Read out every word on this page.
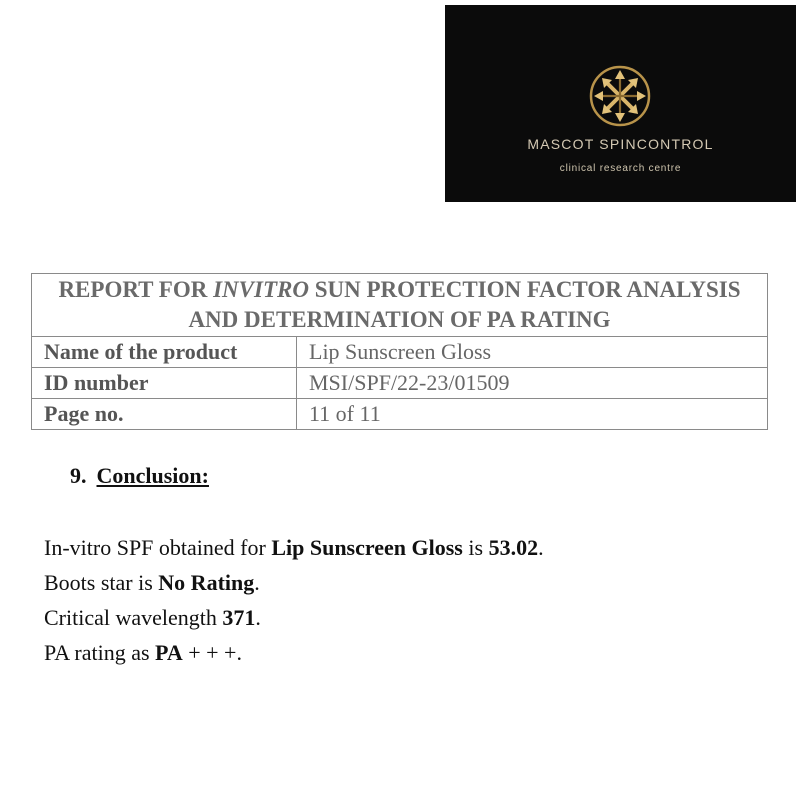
MASCOT SPINCONTROL
clinical research centre
REPORT FOR INVITRO SUN PROTECTION FACTOR ANALYSIS AND DETERMINATION OF PA RATING	
Name of the product	Lip Sunscreen Gloss
ID number	MSI/SPF/22-23/01509
Page no.	11 of 11
9. Conclusion:

In-vitro SPF obtained for Lip Sunscreen Gloss is 53.02.

Boots star is No Rating.

Critical wavelength 371.

PA rating as PA + + +.
